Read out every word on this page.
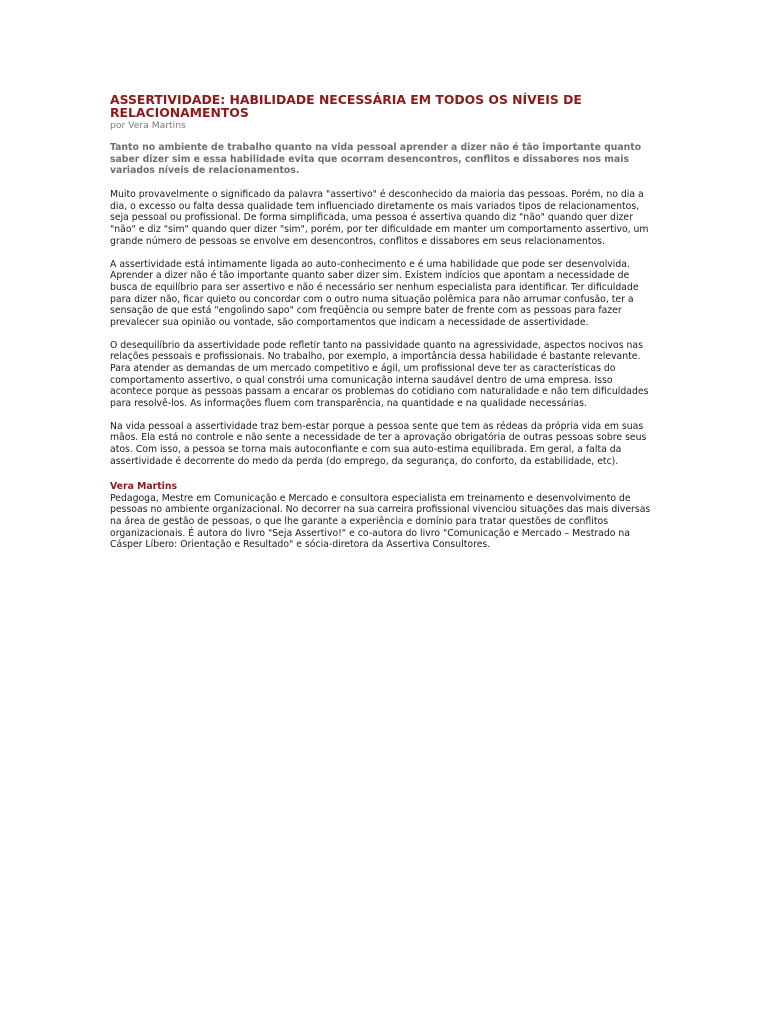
ASSERTIVIDADE: HABILIDADE NECESSÁRIA EM TODOS OS NÍVEIS DE RELACIONAMENTOS

por Vera Martins

Tanto no ambiente de trabalho quanto na vida pessoal aprender a dizer não é tão importante quanto saber dizer sim e essa habilidade evita que ocorram desencontros, conflitos e dissabores nos mais variados níveis de relacionamentos.

Muito provavelmente o significado da palavra "assertivo" é desconhecido da maioria das pessoas. Porém, no dia a dia, o excesso ou falta dessa qualidade tem influenciado diretamente os mais variados tipos de relacionamentos, seja pessoal ou profissional. De forma simplificada, uma pessoa é assertiva quando diz "não" quando quer dizer "não" e diz "sim" quando quer dizer "sim", porém, por ter dificuldade em manter um comportamento assertivo, um grande número de pessoas se envolve em desencontros, conflitos e dissabores em seus relacionamentos.

A assertividade está intimamente ligada ao auto-conhecimento e é uma habilidade que pode ser desenvolvida. Aprender a dizer não é tão importante quanto saber dizer sim. Existem indícios que apontam a necessidade de busca de equilíbrio para ser assertivo e não é necessário ser nenhum especialista para identificar. Ter dificuldade para dizer não, ficar quieto ou concordar com o outro numa situação polêmica para não arrumar confusão, ter a sensação de que está "engolindo sapo" com freqüência ou sempre bater de frente com as pessoas para fazer prevalecer sua opinião ou vontade, são comportamentos que indicam a necessidade de assertividade.

O desequilíbrio da assertividade pode refletir tanto na passividade quanto na agressividade, aspectos nocivos nas relações pessoais e profissionais. No trabalho, por exemplo, a importância dessa habilidade é bastante relevante. Para atender as demandas de um mercado competitivo e ágil, um profissional deve ter as características do comportamento assertivo, o qual constrói uma comunicação interna saudável dentro de uma empresa. Isso acontece porque as pessoas passam a encarar os problemas do cotidiano com naturalidade e não tem dificuldades para resolvê-los. As informações fluem com transparência, na quantidade e na qualidade necessárias.

Na vida pessoal a assertividade traz bem-estar porque a pessoa sente que tem as rédeas da própria vida em suas mãos. Ela está no controle e não sente a necessidade de ter a aprovação obrigatória de outras pessoas sobre seus atos. Com isso, a pessoa se torna mais autoconfiante e com sua auto-estima equilibrada. Em geral, a falta da assertividade é decorrente do medo da perda (do emprego, da segurança, do conforto, da estabilidade, etc).

Vera Martins

Pedagoga, Mestre em Comunicação e Mercado e consultora especialista em treinamento e desenvolvimento de pessoas no ambiente organizacional. No decorrer na sua carreira profissional vivenciou situações das mais diversas na área de gestão de pessoas, o que lhe garante a experiência e domínio para tratar questões de conflitos organizacionais. É autora do livro "Seja Assertivo!" e co-autora do livro "Comunicação e Mercado – Mestrado na Cásper Líbero: Orientação e Resultado" e sócia-diretora da Assertiva Consultores.
